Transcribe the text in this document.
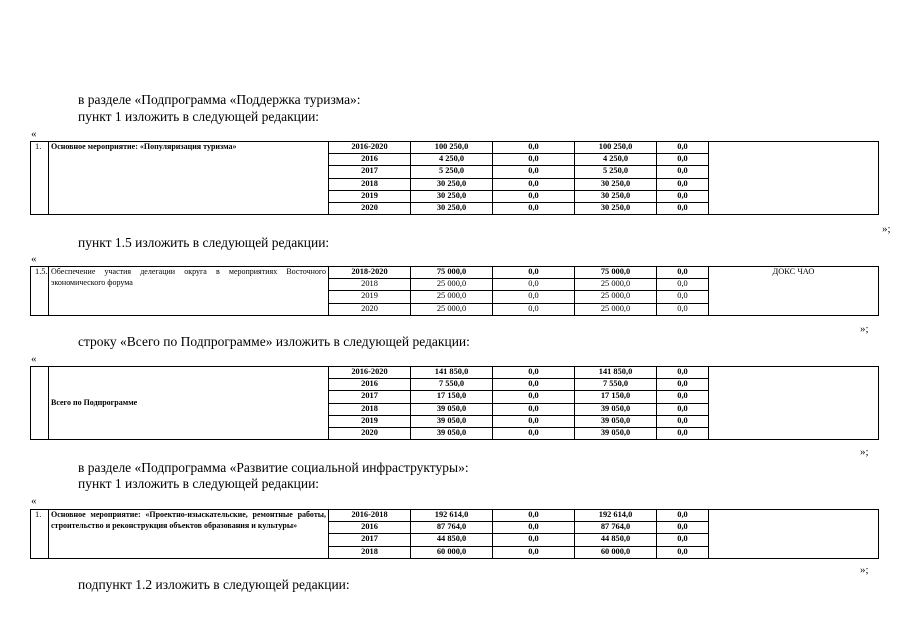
в разделе «Подпрограмма «Поддержка туризма»:
пункт 1 изложить в следующей редакции:
«
1.	Основное мероприятие: «Популяризация туризма»	2016-2020	100 250,0	0,0	100 250,0	0,0	
		2016	4 250,0	0,0	4 250,0	0,0	
		2017	5 250,0	0,0	5 250,0	0,0	
		2018	30 250,0	0,0	30 250,0	0,0	
		2019	30 250,0	0,0	30 250,0	0,0	
		2020	30 250,0	0,0	30 250,0	0,0	
»;
пункт 1.5 изложить в следующей редакции:
«
1.5.	Обеспечение участия делегации округа в мероприятиях Восточного экономического форума	2018-2020	75 000,0	0,0	75 000,0	0,0	ДОКС ЧАО
		2018	25 000,0	0,0	25 000,0	0,0	
		2019	25 000,0	0,0	25 000,0	0,0	
		2020	25 000,0	0,0	25 000,0	0,0	
»;
строку «Всего по Подпрограмме» изложить в следующей редакции:
«
	Всего по Подпрограмме	2016-2020	141 850,0	0,0	141 850,0	0,0	
		2016	7 550,0	0,0	7 550,0	0,0	
		2017	17 150,0	0,0	17 150,0	0,0	
		2018	39 050,0	0,0	39 050,0	0,0	
		2019	39 050,0	0,0	39 050,0	0,0	
		2020	39 050,0	0,0	39 050,0	0,0	
»;
в разделе «Подпрограмма «Развитие социальной инфраструктуры»:
пункт 1 изложить в следующей редакции:
«
1.	Основное мероприятие: «Проектно-изыскательские, ремонтные работы, строительство и реконструкция объектов образования и культуры»	2016-2018	192 614,0	0,0	192 614,0	0,0	
		2016	87 764,0	0,0	87 764,0	0,0	
		2017	44 850,0	0,0	44 850,0	0,0	
		2018	60 000,0	0,0	60 000,0	0,0	
»;
подпункт 1.2 изложить в следующей редакции:
